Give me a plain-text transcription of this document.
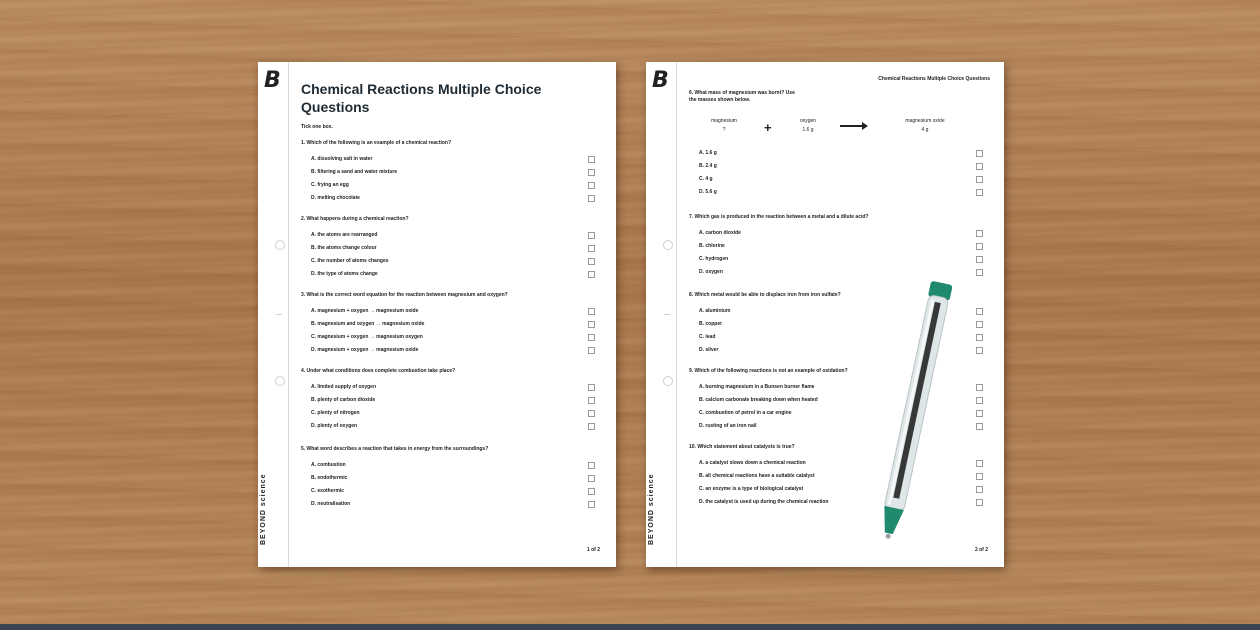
B
BEYOND science
Chemical Reactions Multiple Choice Questions
Tick one box.
1. Which of the following is an example of a chemical reaction?
A. dissolving salt in water
B. filtering a sand and water mixture
C. frying an egg
D. melting chocolate
2. What happens during a chemical reaction?
A. the atoms are rearranged
B. the atoms change colour
C. the number of atoms changes
D. the type of atoms change
3. What is the correct word equation for the reaction between magnesium and oxygen?
A. magnesium + oxygen → magnesium oxide
B. magnesium and oxygen → magnesium oxide
C. magnesium + oxygen → magnesium oxygen
D. magnesium + oxygen → magnesium oxide
4. Under what conditions does complete combustion take place?
A. limited supply of oxygen
B. plenty of carbon dioxide
C. plenty of nitrogen
D. plenty of oxygen
5. What word describes a reaction that takes in energy from the surroundings?
A. combustion
B. endothermic
C. exothermic
D. neutralisation
1 of 2
B
BEYOND science
Chemical Reactions Multiple Choice Questions
6. What mass of magnesium was burnt? Use the masses shown below.
magnesium
?	+	oxygen
1.6 g
magnesium oxide
4 g
A. 1.6 g
B. 2.4 g
C. 4 g
D. 5.6 g
7. Which gas is produced in the reaction between a metal and a dilute acid?
A. carbon dioxide
B. chlorine
C. hydrogen
D. oxygen
8. Which metal would be able to displace iron from iron sulfate?
A. aluminium
B. copper
C. lead
D. silver
9. Which of the following reactions is not an example of oxidation?
A. burning magnesium in a Bunsen burner flame
B. calcium carbonate breaking down when heated
C. combustion of petrol in a car engine
D. rusting of an iron nail
10. Which statement about catalysts is true?
A. a catalyst slows down a chemical reaction
B. all chemical reactions have a suitable catalyst
C. an enzyme is a type of biological catalyst
D. the catalyst is used up during the chemical reaction
2 of 2
